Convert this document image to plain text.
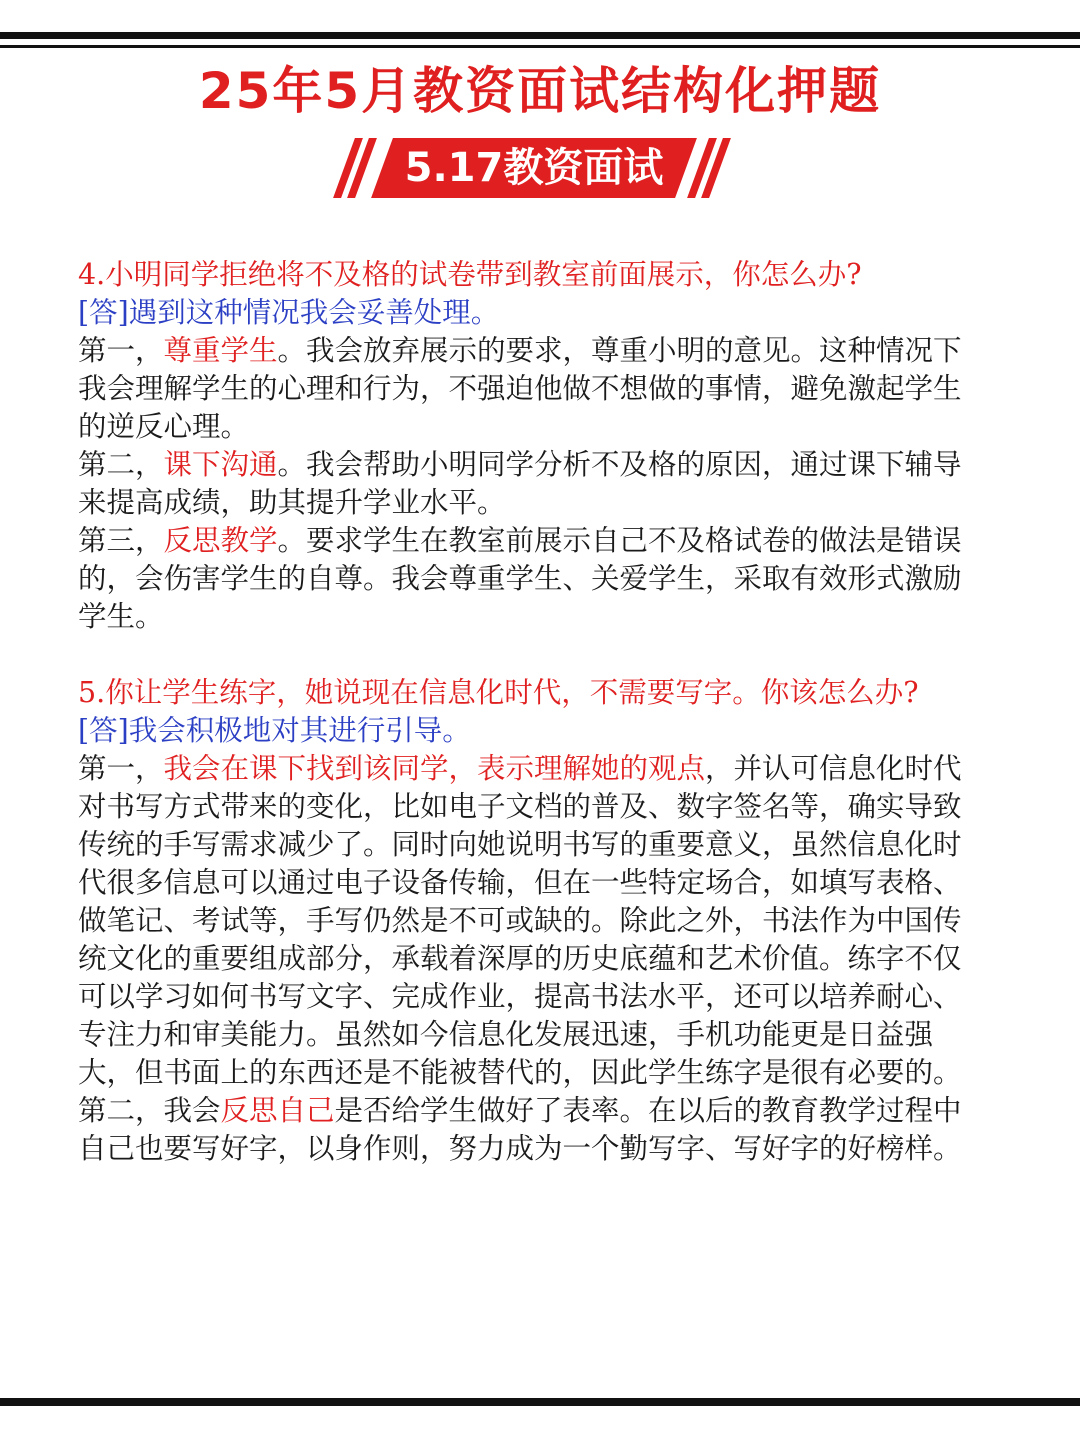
25年5月教资面试结构化押题
5.17教资面试

4.小明同学拒绝将不及格的试卷带到教室前面展示，你怎么办?

[答]遇到这种情况我会妥善处理。

第一，尊重学生。我会放弃展示的要求，尊重小明的意见。这种情况下我会理解学生的心理和行为，不强迫他做不想做的事情，避免激起学生的逆反心理。

第二，课下沟通。我会帮助小明同学分析不及格的原因，通过课下辅导来提高成绩，助其提升学业水平。

第三，反思教学。要求学生在教室前展示自己不及格试卷的做法是错误的，会伤害学生的自尊。我会尊重学生、关爱学生，采取有效形式激励学生。

5.你让学生练字，她说现在信息化时代，不需要写字。你该怎么办?

[答]我会积极地对其进行引导。

第一，我会在课下找到该同学，表示理解她的观点，并认可信息化时代对书写方式带来的变化，比如电子文档的普及、数字签名等，确实导致传统的手写需求减少了。同时向她说明书写的重要意义，虽然信息化时代很多信息可以通过电子设备传输，但在一些特定场合，如填写表格、做笔记、考试等，手写仍然是不可或缺的。除此之外，书法作为中国传统文化的重要组成部分，承载着深厚的历史底蕴和艺术价值。练字不仅可以学习如何书写文字、完成作业，提高书法水平，还可以培养耐心、专注力和审美能力。虽然如今信息化发展迅速，手机功能更是日益强大，但书面上的东西还是不能被替代的，因此学生练字是很有必要的。

第二，我会反思自己是否给学生做好了表率。在以后的教育教学过程中自己也要写好字，以身作则，努力成为一个勤写字、写好字的好榜样。
